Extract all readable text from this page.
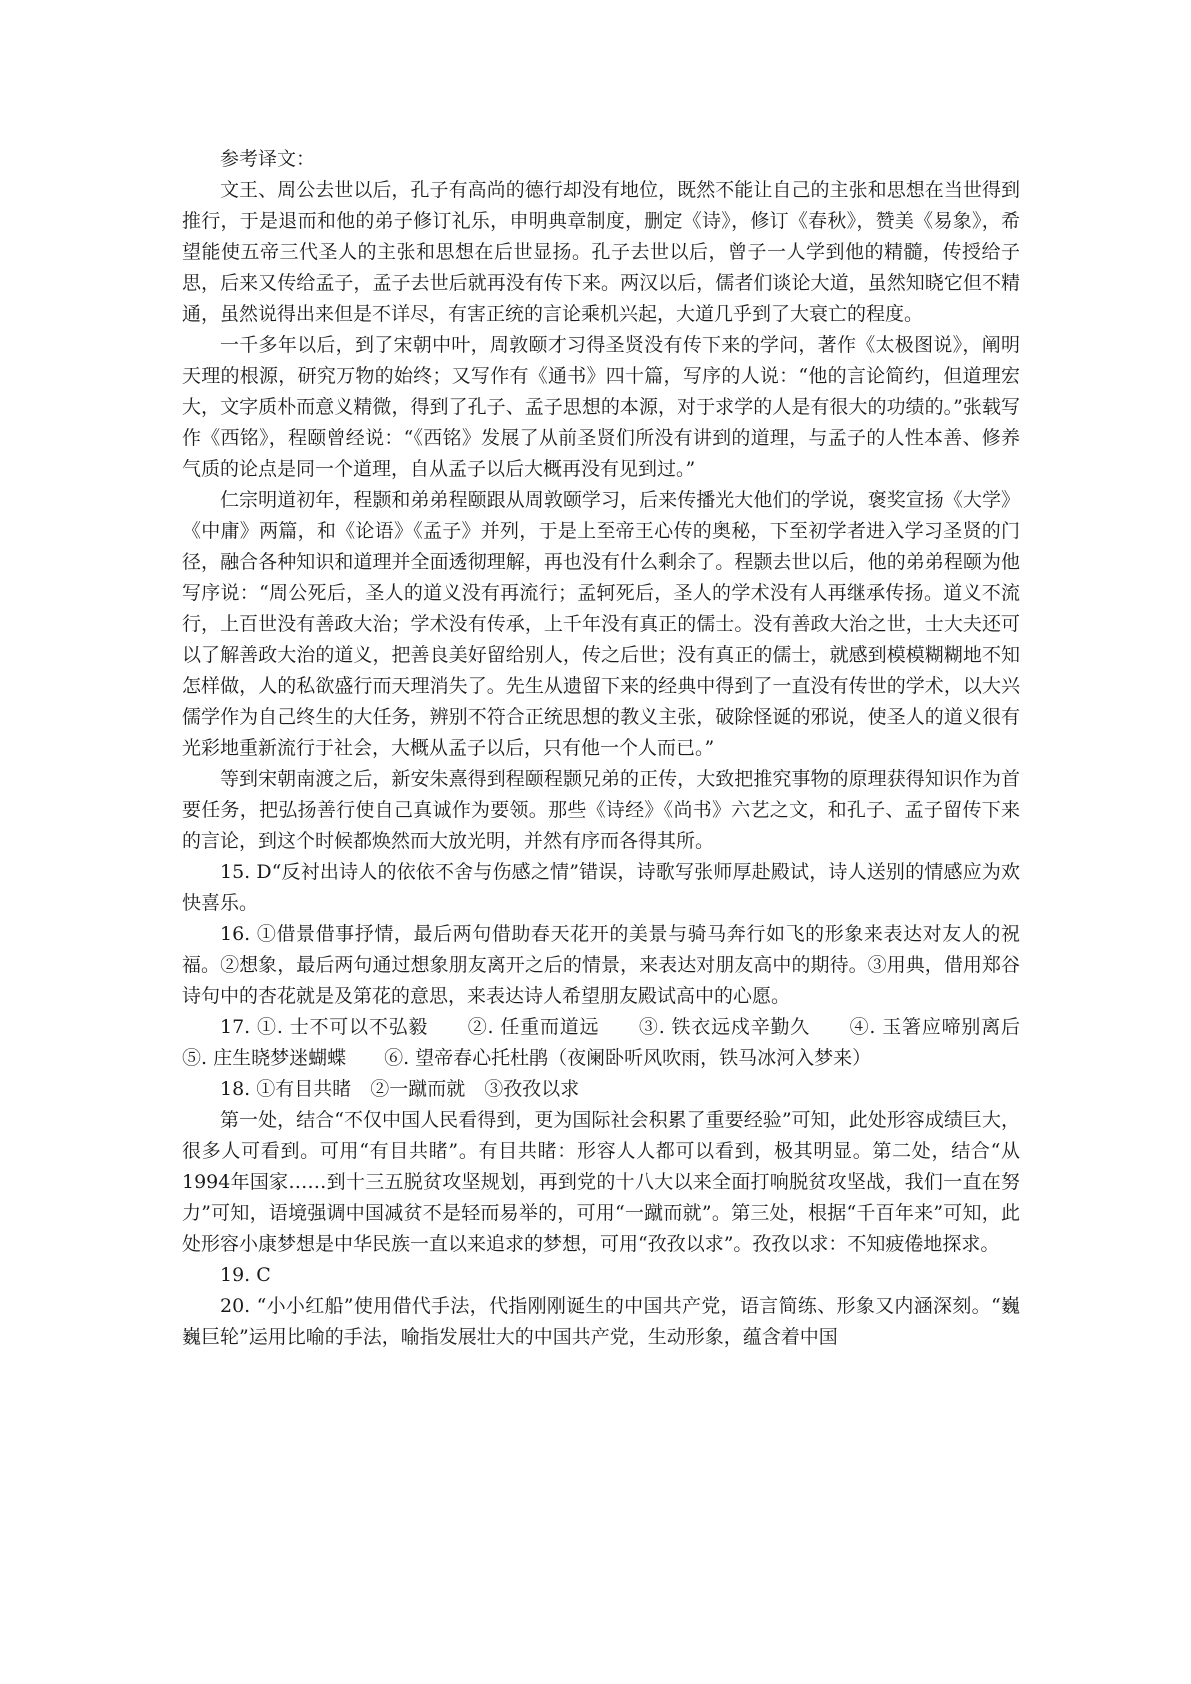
参考译文：

文王、周公去世以后，孔子有高尚的德行却没有地位，既然不能让自己的主张和思想在当世得到推行，于是退而和他的弟子修订礼乐，申明典章制度，删定《诗》，修订《春秋》，赞美《易象》，希望能使五帝三代圣人的主张和思想在后世显扬。孔子去世以后，曾子一人学到他的精髓，传授给子思，后来又传给孟子，孟子去世后就再没有传下来。两汉以后，儒者们谈论大道，虽然知晓它但不精通，虽然说得出来但是不详尽，有害正统的言论乘机兴起，大道几乎到了大衰亡的程度。

一千多年以后，到了宋朝中叶，周敦颐才习得圣贤没有传下来的学问，著作《太极图说》，阐明天理的根源，研究万物的始终；又写作有《通书》四十篇，写序的人说：“他的言论简约，但道理宏大，文字质朴而意义精微，得到了孔子、孟子思想的本源，对于求学的人是有很大的功绩的。”张载写作《西铭》，程颐曾经说：“《西铭》发展了从前圣贤们所没有讲到的道理，与孟子的人性本善、修养气质的论点是同一个道理，自从孟子以后大概再没有见到过。”

仁宗明道初年，程颢和弟弟程颐跟从周敦颐学习，后来传播光大他们的学说，褒奖宣扬《大学》《中庸》两篇，和《论语》《孟子》并列，于是上至帝王心传的奥秘，下至初学者进入学习圣贤的门径，融合各种知识和道理并全面透彻理解，再也没有什么剩余了。程颢去世以后，他的弟弟程颐为他写序说：“周公死后，圣人的道义没有再流行；孟轲死后，圣人的学术没有人再继承传扬。道义不流行，上百世没有善政大治；学术没有传承，上千年没有真正的儒士。没有善政大治之世，士大夫还可以了解善政大治的道义，把善良美好留给别人，传之后世；没有真正的儒士，就感到模模糊糊地不知怎样做，人的私欲盛行而天理消失了。先生从遗留下来的经典中得到了一直没有传世的学术，以大兴儒学作为自己终生的大任务，辨别不符合正统思想的教义主张，破除怪诞的邪说，使圣人的道义很有光彩地重新流行于社会，大概从孟子以后，只有他一个人而已。”

等到宋朝南渡之后，新安朱熹得到程颐程颢兄弟的正传，大致把推究事物的原理获得知识作为首要任务，把弘扬善行使自己真诚作为要领。那些《诗经》《尚书》六艺之文，和孔子、孟子留传下来的言论，到这个时候都焕然而大放光明，并然有序而各得其所。

15. D“反衬出诗人的依依不舍与伤感之情”错误，诗歌写张师厚赴殿试，诗人送别的情感应为欢快喜乐。

16. ①借景借事抒情，最后两句借助春天花开的美景与骑马奔行如飞的形象来表达对友人的祝福。②想象，最后两句通过想象朋友离开之后的情景，来表达对朋友高中的期待。③用典，借用郑谷诗句中的杏花就是及第花的意思，来表达诗人希望朋友殿试高中的心愿。

17. ①. 士不可以不弘毅　　②. 任重而道远　　③. 铁衣远戍辛勤久　　④. 玉箸应啼别离后　　⑤. 庄生晓梦迷蝴蝶　　⑥. 望帝春心托杜鹃（夜阑卧听风吹雨，铁马冰河入梦来）

18. ①有目共睹　②一蹴而就　③孜孜以求

第一处，结合“不仅中国人民看得到，更为国际社会积累了重要经验”可知，此处形容成绩巨大，很多人可看到。可用“有目共睹”。有目共睹：形容人人都可以看到，极其明显。第二处，结合“从1994年国家……到十三五脱贫攻坚规划，再到党的十八大以来全面打响脱贫攻坚战，我们一直在努力”可知，语境强调中国减贫不是轻而易举的，可用“一蹴而就”。第三处，根据“千百年来”可知，此处形容小康梦想是中华民族一直以来追求的梦想，可用“孜孜以求”。孜孜以求：不知疲倦地探求。

19. C

20. “小小红船”使用借代手法，代指刚刚诞生的中国共产党，语言简练、形象又内涵深刻。“巍巍巨轮”运用比喻的手法，喻指发展壮大的中国共产党，生动形象，蕴含着中国
